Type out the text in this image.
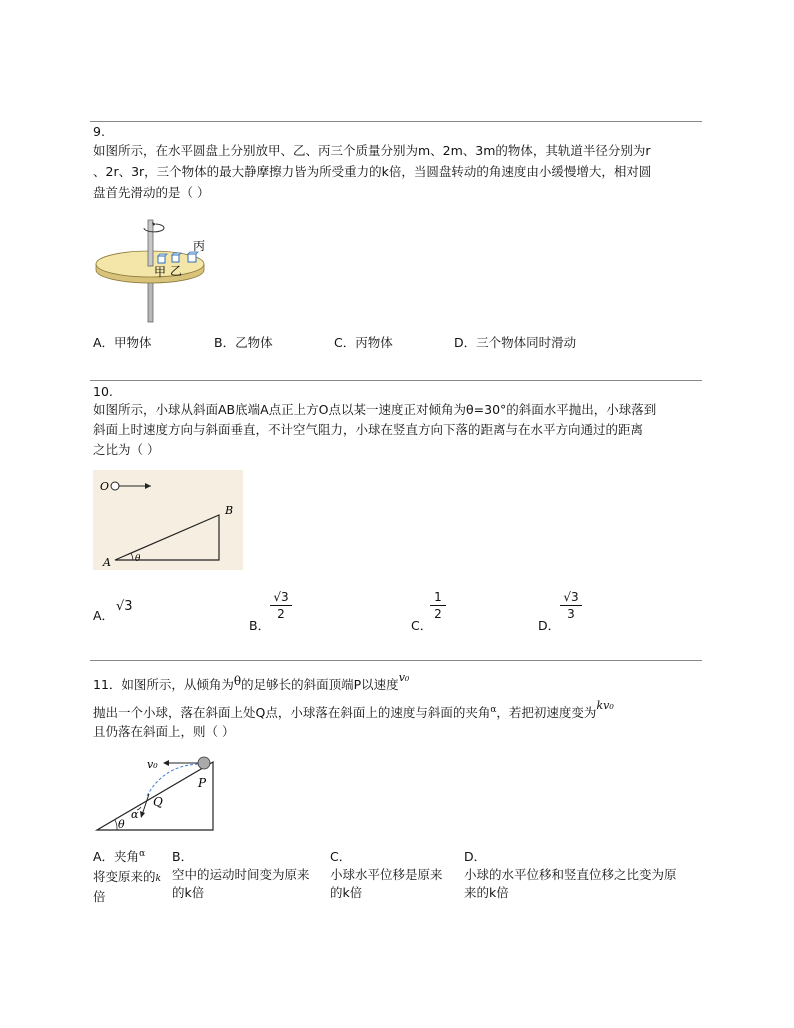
9.
如图所示，在水平圆盘上分别放甲、乙、丙三个质量分别为m、2m、3m的物体，其轨道半径分别为r
、2r、3r，三个物体的最大静摩擦力皆为所受重力的k倍，当圆盘转动的角速度由小缓慢增大，相对圆
盘首先滑动的是（ ）
甲 乙
丙
A．甲物体	B．乙物体	C．丙物体	D．三个物体同时滑动
10.
如图所示，小球从斜面AB底端A点正上方O点以某一速度正对倾角为θ=30°的斜面水平抛出，小球落到
斜面上时速度方向与斜面垂直，不计空气阻力，小球在竖直方向下落的距离与在水平方向通过的距离
之比为（ ）
O
A
B
θ
A．
√3
B．
√3
2
C．
1
2
D．
√3
3
11．如图所示，从倾角为θ的足够长的斜面顶端P以速度v₀
抛出一个小球，落在斜面上处Q点，小球落在斜面上的速度与斜面的夹角$^\alpha$，若把初速度变为kv₀
且仍落在斜面上，则（ ）
v₀
P
Q
α
θ
A．夹角$^\alpha$
将变原来的k
倍
B．
空中的运动时间变为原来
的k倍
C．
小球水平位移是原来
的k倍
D．
小球的水平位移和竖直位移之比变为原
来的k倍
